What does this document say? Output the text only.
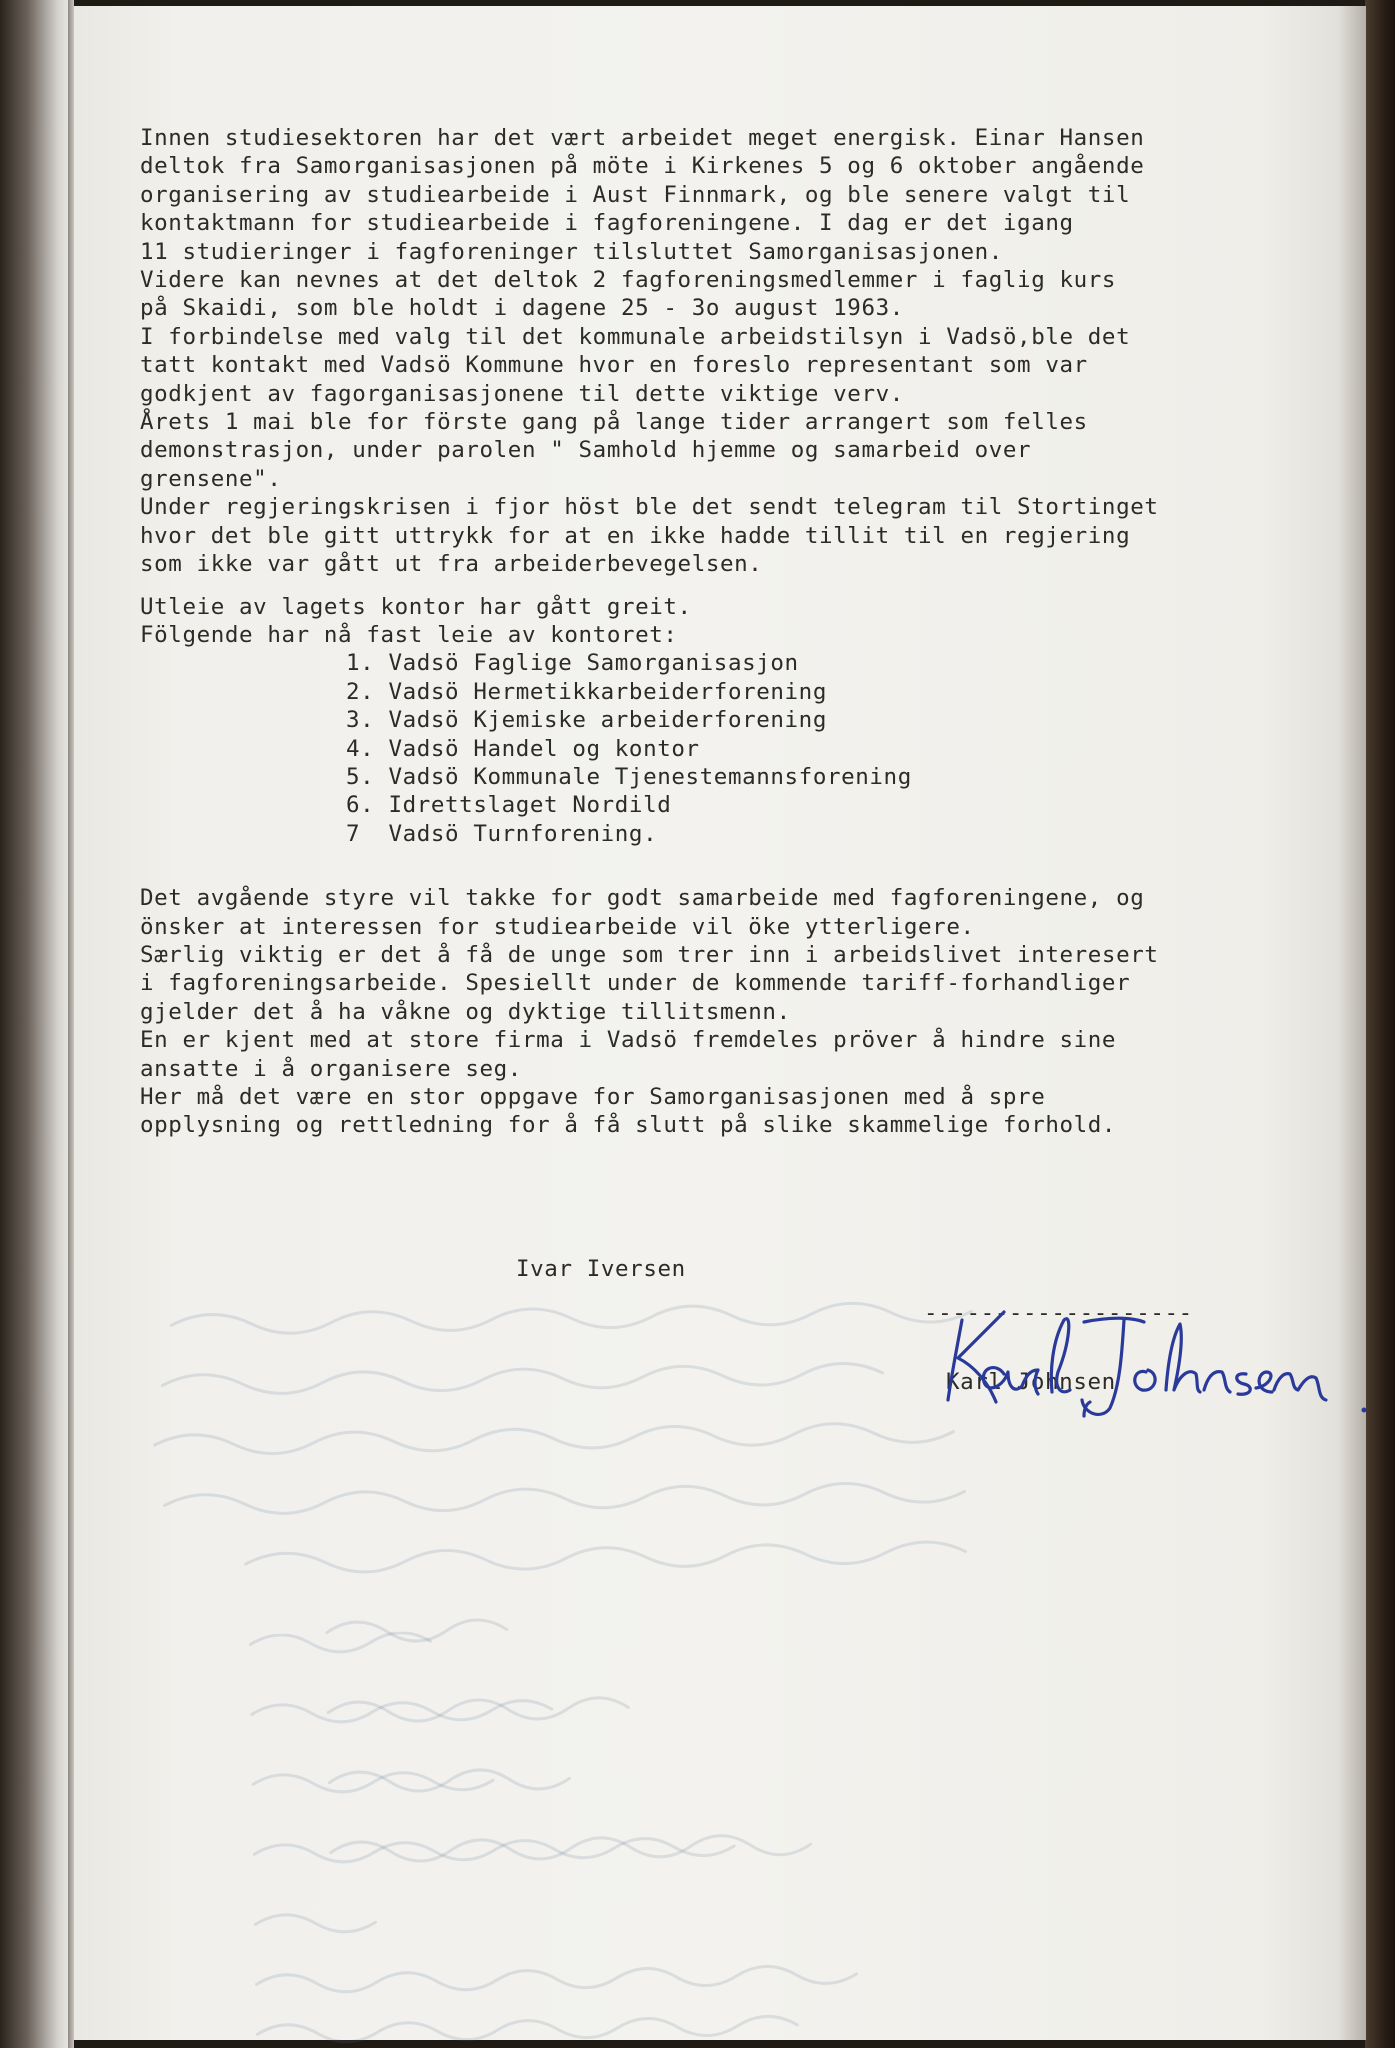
Innen studiesektoren har det vært arbeidet meget energisk. Einar Hansen

deltok fra Samorganisasjonen på möte i Kirkenes 5 og 6 oktober angående

organisering av studiearbeide i Aust Finnmark, og ble senere valgt til

kontaktmann for studiearbeide i fagforeningene. I dag er det igang

11 studieringer i fagforeninger tilsluttet Samorganisasjonen.

Videre kan nevnes at det deltok 2 fagforeningsmedlemmer i faglig kurs

på Skaidi, som ble holdt i dagene 25 - 3o august 1963.

I forbindelse med valg til det kommunale arbeidstilsyn i Vadsö,ble det

tatt kontakt med Vadsö Kommune hvor en foreslo representant som var

godkjent av fagorganisasjonene til dette viktige verv.

Årets 1 mai ble for förste gang på lange tider arrangert som felles

demonstrasjon, under parolen " Samhold hjemme og samarbeid over

grensene".

Under regjeringskrisen i fjor höst ble det sendt telegram til Stortinget

hvor det ble gitt uttrykk for at en ikke hadde tillit til en regjering

som ikke var gått ut fra arbeiderbevegelsen.

Utleie av lagets kontor har gått greit.

Fölgende har nå fast leie av kontoret:

1. Vadsö Faglige Samorganisasjon

2. Vadsö Hermetikkarbeiderforening

3. Vadsö Kjemiske arbeiderforening

4. Vadsö Handel og kontor

5. Vadsö Kommunale Tjenestemannsforening

6. Idrettslaget Nordild

7  Vadsö Turnforening.

Det avgående styre vil takke for godt samarbeide med fagforeningene, og

önsker at interessen for studiearbeide vil öke ytterligere.

Særlig viktig er det å få de unge som trer inn i arbeidslivet interesert

i fagforeningsarbeide. Spesiellt under de kommende tariff-forhandliger

gjelder det å ha våkne og dyktige tillitsmenn.

En er kjent med at store firma i Vadsö fremdeles pröver å hindre sine

ansatte i å organisere seg.

Her må det være en stor oppgave for Samorganisasjonen med å spre

opplysning og rettledning for å få slutt på slike skammelige forhold.

Ivar Iversen
-------------------
Karl Johnsen
